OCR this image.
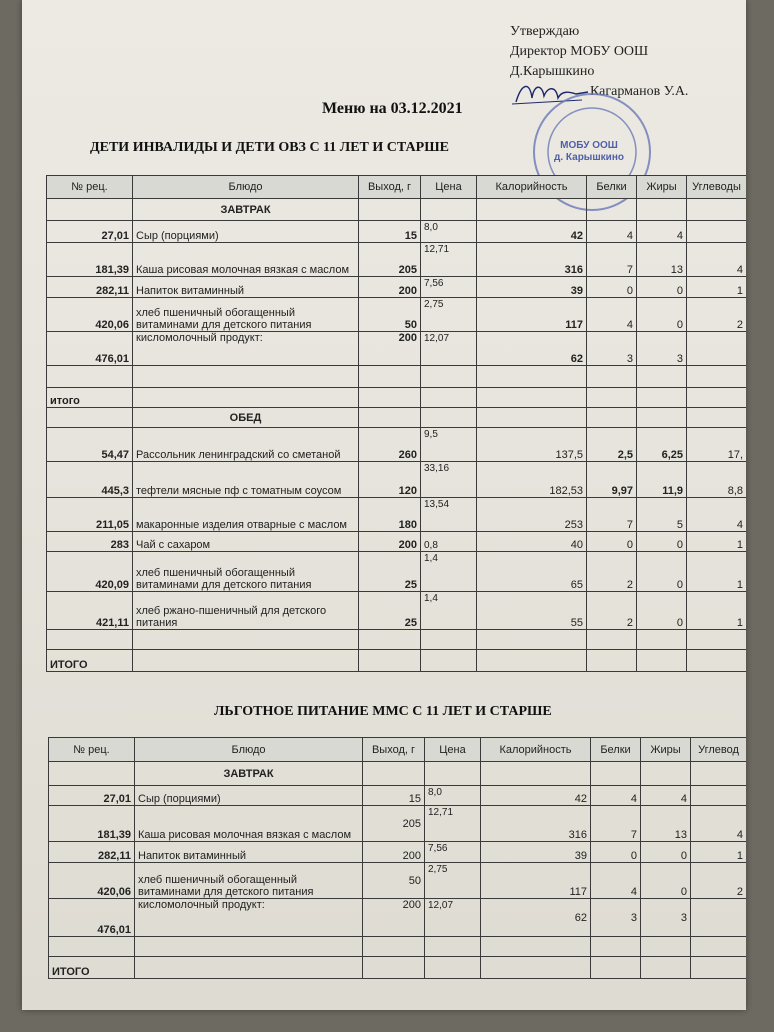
Утверждаю
Директор МОБУ ООШ
Д.Карышкино
Кагарманов У.А.
МОБУ ООШ
д. Карышкино
Меню на 03.12.2021
ДЕТИ ИНВАЛИДЫ И ДЕТИ ОВЗ С 11 ЛЕТ И СТАРШЕ
№ рец.	Блюдо	Выход, г	Цена	Калорийность	Белки	Жиры	Углеводы
	ЗАВТРАК						
27,01	Сыр (порциями)	15	8,0	42	4	4	
181,39	Каша рисовая молочная вязкая с маслом	205	12,71	316	7	13	4
282,11	Напиток витаминный	200	7,56	39	0	0	1
420,06	хлеб пшеничный обогащенный витаминами для детского питания	50	2,75	117	4	0	2
476,01	кисломолочный продукт:	200	12,07	62	3	3	

итого							
	ОБЕД						
54,47	Рассольник ленинградский со сметаной	260	9,5	137,5	2,5	6,25	17,
445,3	тефтели мясные пф с томатным соусом	120	33,16	182,53	9,97	11,9	8,8
211,05	макаронные изделия отварные с маслом	180	13,54	253	7	5	4
283	Чай с сахаром	200	0,8	40	0	0	1
420,09	хлеб пшеничный обогащенный витаминами для детского питания	25	1,4	65	2	0	1
421,11	хлеб ржано-пшеничный для детского питания	25	1,4	55	2	0	1

ИТОГО							
ЛЬГОТНОЕ ПИТАНИЕ ММС С 11 ЛЕТ И СТАРШЕ
№ рец.	Блюдо	Выход, г	Цена	Калорийность	Белки	Жиры	Углевод
	ЗАВТРАК						
27,01	Сыр (порциями)	15	8,0	42	4	4	
181,39	Каша рисовая молочная вязкая с маслом	205	12,71	316	7	13	4
282,11	Напиток витаминный	200	7,56	39	0	0	1
420,06	хлеб пшеничный обогащенный витаминами для детского питания	50	2,75	117	4	0	2
476,01	кисломолочный продукт:	200	12,07	62	3	3	

ИТОГО							
